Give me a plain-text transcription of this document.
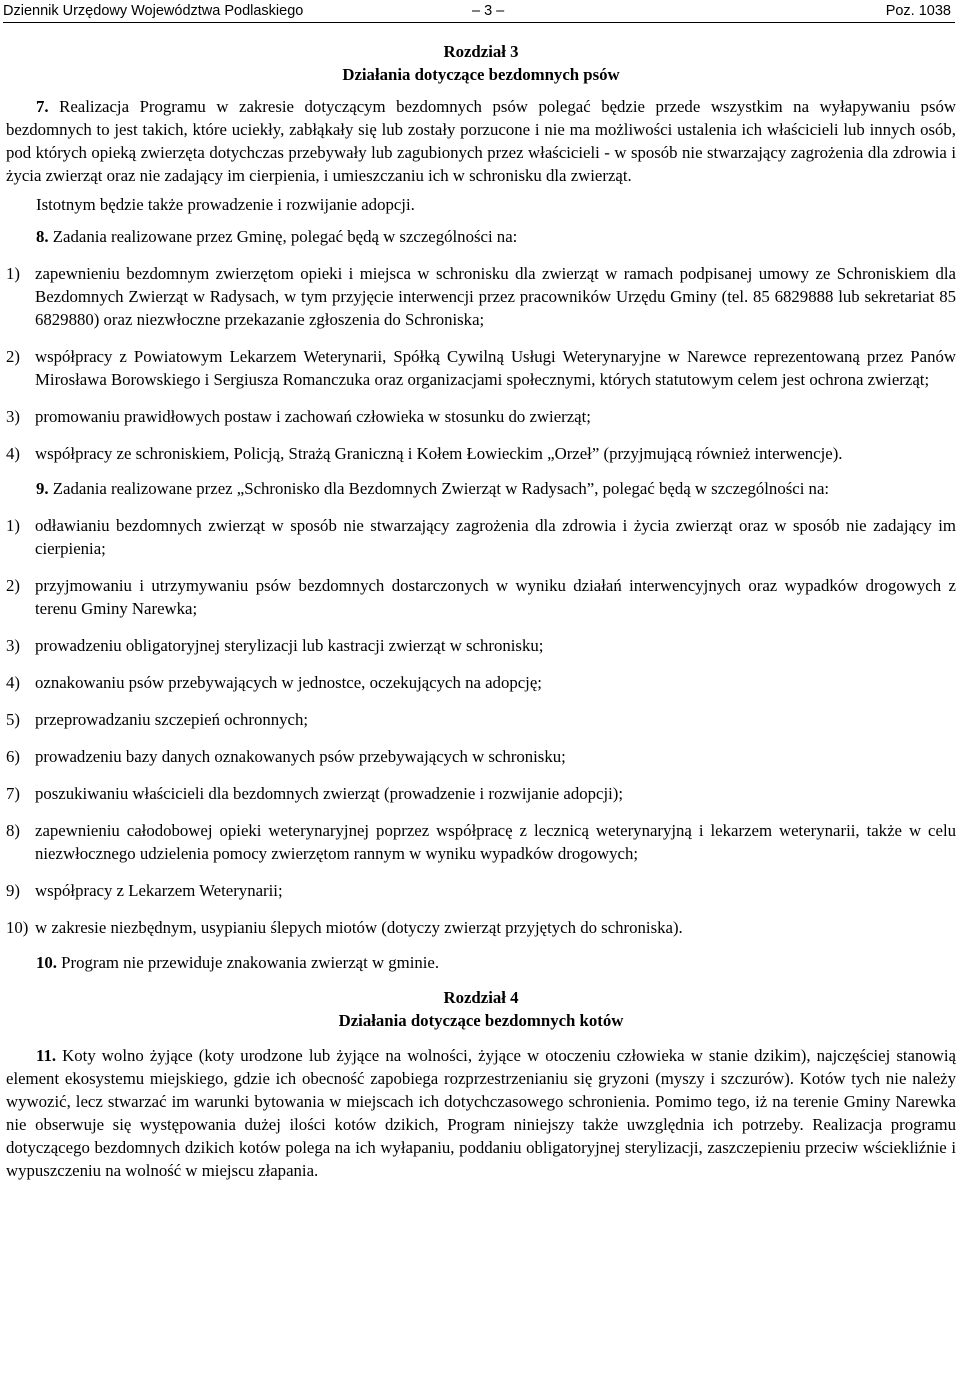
Dziennik Urzędowy Województwa Podlaskiego	– 3 –	Poz. 1038
Rozdział 3
Działania dotyczące bezdomnych psów

7. Realizacja Programu w zakresie dotyczącym bezdomnych psów polegać będzie przede wszystkim na wyłapywaniu psów bezdomnych to jest takich, które uciekły, zabłąkały się lub zostały porzucone i nie ma możliwości ustalenia ich właścicieli lub innych osób, pod których opieką zwierzęta dotychczas przebywały lub zagubionych przez właścicieli - w sposób nie stwarzający zagrożenia dla zdrowia i życia zwierząt oraz nie zadający im cierpienia, i umieszczaniu ich w schronisku dla zwierząt.

Istotnym będzie także prowadzenie i rozwijanie adopcji.

8. Zadania realizowane przez Gminę, polegać będą w szczególności na:

1) zapewnieniu bezdomnym zwierzętom opieki i miejsca w schronisku dla zwierząt w ramach podpisanej umowy ze Schroniskiem dla Bezdomnych Zwierząt w Radysach, w tym przyjęcie interwencji przez pracowników Urzędu Gminy (tel. 85 6829888 lub sekretariat 85 6829880) oraz niezwłoczne przekazanie zgłoszenia do Schroniska;
2) współpracy z Powiatowym Lekarzem Weterynarii, Spółką Cywilną Usługi Weterynaryjne w Narewce reprezentowaną przez Panów Mirosława Borowskiego i Sergiusza Romanczuka oraz organizacjami społecznymi, których statutowym celem jest ochrona zwierząt;
3) promowaniu prawidłowych postaw i zachowań człowieka w stosunku do zwierząt;
4) współpracy ze schroniskiem, Policją, Strażą Graniczną i Kołem Łowieckim „Orzeł” (przyjmującą również interwencje).

9. Zadania realizowane przez „Schronisko dla Bezdomnych Zwierząt w Radysach”, polegać będą w szczególności na:

1) odławianiu bezdomnych zwierząt w sposób nie stwarzający zagrożenia dla zdrowia i życia zwierząt oraz w sposób nie zadający im cierpienia;
2) przyjmowaniu i utrzymywaniu psów bezdomnych dostarczonych w wyniku działań interwencyjnych oraz wypadków drogowych z terenu Gminy Narewka;
3) prowadzeniu obligatoryjnej sterylizacji lub kastracji zwierząt w schronisku;
4) oznakowaniu psów przebywających w jednostce, oczekujących na adopcję;
5) przeprowadzaniu szczepień ochronnych;
6) prowadzeniu bazy danych oznakowanych psów przebywających w schronisku;
7) poszukiwaniu właścicieli dla bezdomnych zwierząt (prowadzenie i rozwijanie adopcji);
8) zapewnieniu całodobowej opieki weterynaryjnej poprzez współpracę z lecznicą weterynaryjną i lekarzem weterynarii, także w celu niezwłocznego udzielenia pomocy zwierzętom rannym w wyniku wypadków drogowych;
9) współpracy z Lekarzem Weterynarii;
10) w zakresie niezbędnym, usypianiu ślepych miotów (dotyczy zwierząt przyjętych do schroniska).

10. Program nie przewiduje znakowania zwierząt w gminie.

Rozdział 4
Działania dotyczące bezdomnych kotów

11. Koty wolno żyjące (koty urodzone lub żyjące na wolności, żyjące w otoczeniu człowieka w stanie dzikim), najczęściej stanowią element ekosystemu miejskiego, gdzie ich obecność zapobiega rozprzestrzenianiu się gryzoni (myszy i szczurów). Kotów tych nie należy wywozić, lecz stwarzać im warunki bytowania w miejscach ich dotychczasowego schronienia. Pomimo tego, iż na terenie Gminy Narewka nie obserwuje się występowania dużej ilości kotów dzikich, Program niniejszy także uwzględnia ich potrzeby. Realizacja programu dotyczącego bezdomnych dzikich kotów polega na ich wyłapaniu, poddaniu obligatoryjnej sterylizacji, zaszczepieniu przeciw wściekliźnie i wypuszczeniu na wolność w miejscu złapania.
